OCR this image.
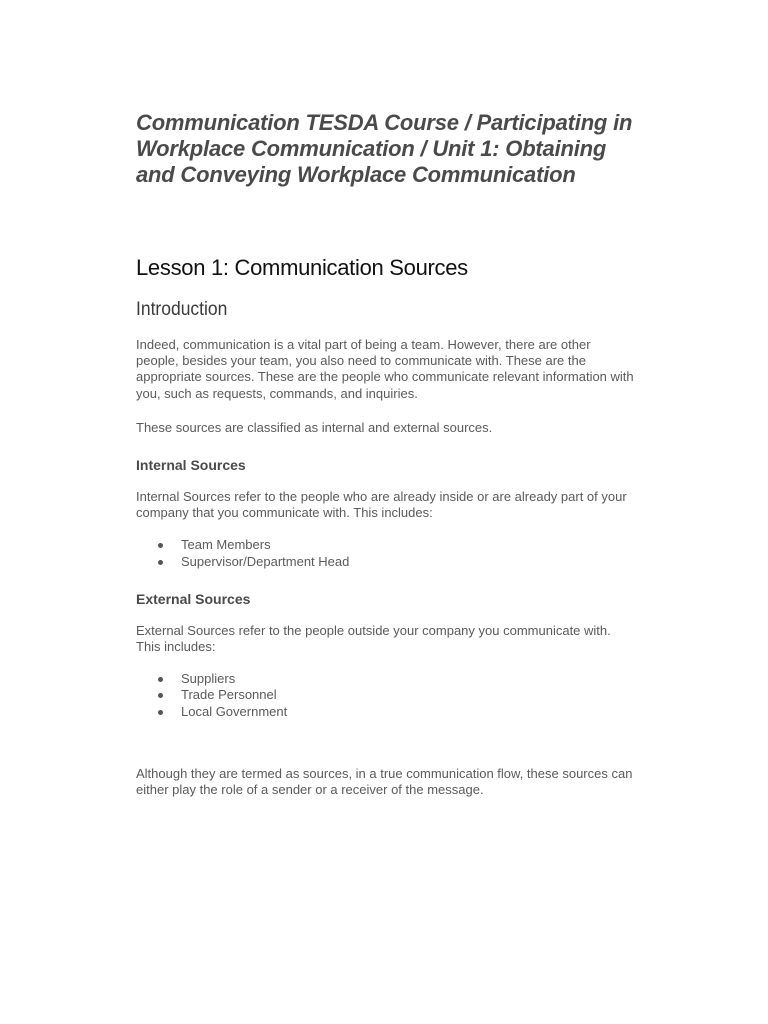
Communication TESDA Course / Participating in Workplace Communication / Unit 1: Obtaining and Conveying Workplace Communication
Lesson 1: Communication Sources
Introduction

Indeed, communication is a vital part of being a team. However, there are other people, besides your team, you also need to communicate with. These are the appropriate sources. These are the people who communicate relevant information with you, such as requests, commands, and inquiries.

These sources are classified as internal and external sources.

Internal Sources

Internal Sources refer to the people who are already inside or are already part of your company that you communicate with. This includes:

Team Members
Supervisor/Department Head
External Sources

External Sources refer to the people outside your company you communicate with. This includes:

Suppliers
Trade Personnel
Local Government

Although they are termed as sources, in a true communication flow, these sources can either play the role of a sender or a receiver of the message.
